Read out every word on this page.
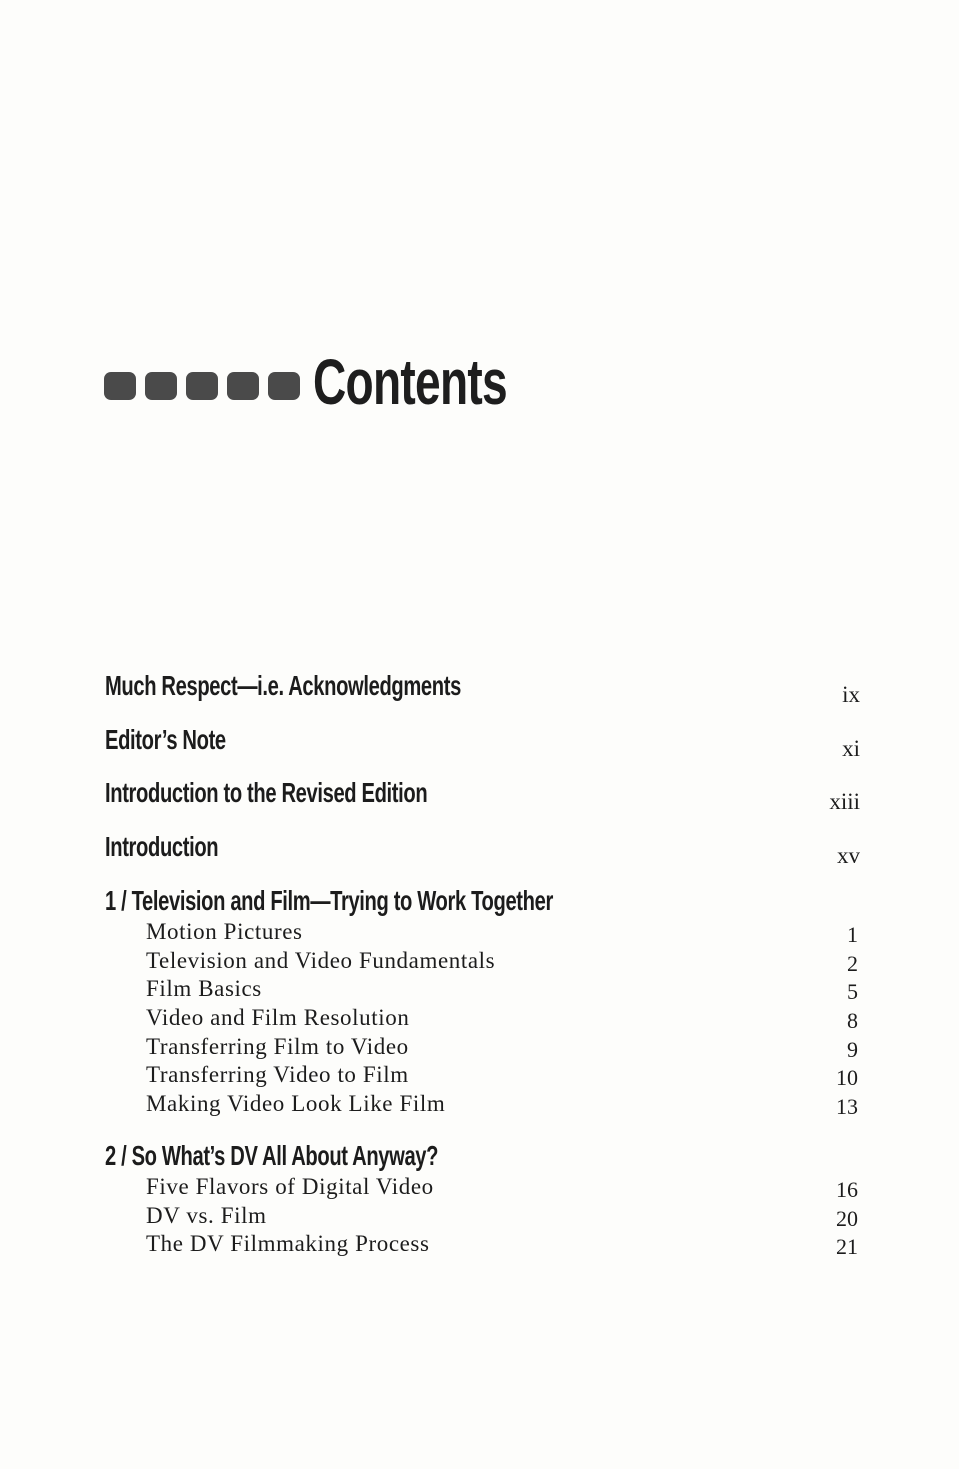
Contents
Much Respect—i.e. Acknowledgments	ix
Editor’s Note	xi
Introduction to the Revised Edition	xiii
Introduction	xv
1 / Television and Film—Trying to Work Together
Motion Pictures	1
Television and Video Fundamentals	2
Film Basics	5
Video and Film Resolution	8
Transferring Film to Video	9
Transferring Video to Film	10
Making Video Look Like Film	13
2 / So What’s DV All About Anyway?
Five Flavors of Digital Video	16
DV vs. Film	20
The DV Filmmaking Process	21
